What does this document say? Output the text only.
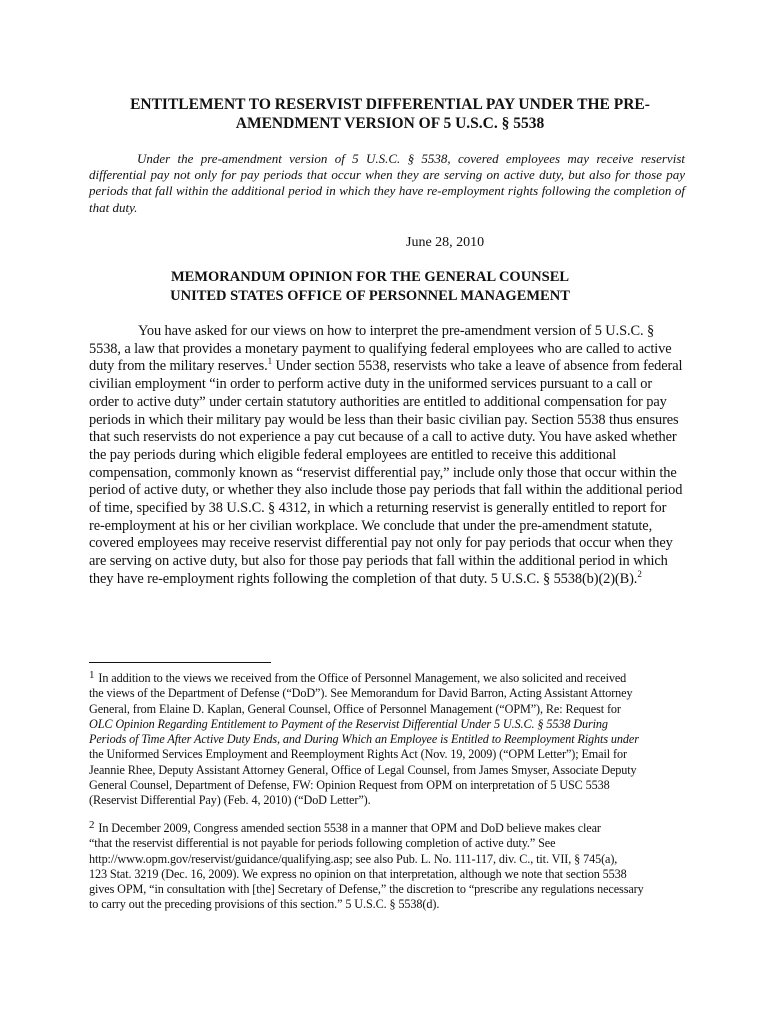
ENTITLEMENT TO RESERVIST DIFFERENTIAL PAY UNDER THE PRE-
AMENDMENT VERSION OF 5 U.S.C. § 5538
Under the pre-amendment version of 5 U.S.C. § 5538, covered employees may receive reservist differential pay not only for pay periods that occur when they are serving on active duty, but also for those pay periods that fall within the additional period in which they have re-employment rights following the completion of that duty.
June 28, 2010
MEMORANDUM OPINION FOR THE GENERAL COUNSEL
UNITED STATES OFFICE OF PERSONNEL MANAGEMENT
You have asked for our views on how to interpret the pre-amendment version of 5 U.S.C. § 5538, a law that provides a monetary payment to qualifying federal employees who are called to active duty from the military reserves.$^1$ Under section 5538, reservists who take a leave of absence from federal civilian employment “in order to perform active duty in the uniformed services pursuant to a call or order to active duty” under certain statutory authorities are entitled to additional compensation for pay periods in which their military pay would be less than their basic civilian pay. Section 5538 thus ensures that such reservists do not experience a pay cut because of a call to active duty. You have asked whether the pay periods during which eligible federal employees are entitled to receive this additional compensation, commonly known as “reservist differential pay,” include only those that occur within the period of active duty, or whether they also include those pay periods that fall within the additional period of time, specified by 38 U.S.C. § 4312, in which a returning reservist is generally entitled to report for re-employment at his or her civilian workplace. We conclude that under the pre-amendment statute, covered employees may receive reservist differential pay not only for pay periods that occur when they are serving on active duty, but also for those pay periods that fall within the additional period in which they have re-employment rights following the completion of that duty. 5 U.S.C. § 5538(b)(2)(B).$^2$
1 In addition to the views we received from the Office of Personnel Management, we also solicited and received
the views of the Department of Defense (“DoD”). See Memorandum for David Barron, Acting Assistant Attorney
General, from Elaine D. Kaplan, General Counsel, Office of Personnel Management (“OPM”), Re: Request for
OLC Opinion Regarding Entitlement to Payment of the Reservist Differential Under 5 U.S.C. § 5538 During
Periods of Time After Active Duty Ends, and During Which an Employee is Entitled to Reemployment Rights under
the Uniformed Services Employment and Reemployment Rights Act (Nov. 19, 2009) (“OPM Letter”); Email for
Jeannie Rhee, Deputy Assistant Attorney General, Office of Legal Counsel, from James Smyser, Associate Deputy
General Counsel, Department of Defense, FW: Opinion Request from OPM on interpretation of 5 USC 5538
(Reservist Differential Pay) (Feb. 4, 2010) (“DoD Letter”).
2 In December 2009, Congress amended section 5538 in a manner that OPM and DoD believe makes clear
“that the reservist differential is not payable for periods following completion of active duty.” See
http://www.opm.gov/reservist/guidance/qualifying.asp; see also Pub. L. No. 111-117, div. C., tit. VII, § 745(a),
123 Stat. 3219 (Dec. 16, 2009). We express no opinion on that interpretation, although we note that section 5538
gives OPM, “in consultation with [the] Secretary of Defense,” the discretion to “prescribe any regulations necessary
to carry out the preceding provisions of this section.” 5 U.S.C. § 5538(d).
